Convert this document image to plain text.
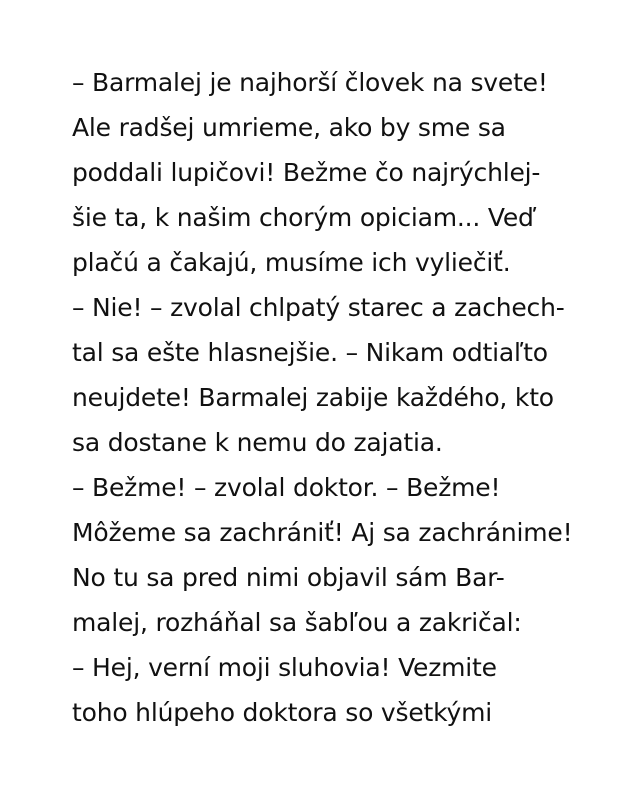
– Barmalej je najhorší človek na svete!
Ale radšej umrieme, ako by sme sa
poddali lupičovi! Bežme čo najrýchlej-
šie ta, k našim chorým opiciam... Veď
plačú a čakajú, musíme ich vyliečiť.
– Nie! – zvolal chlpatý starec a zachech-
tal sa ešte hlasnejšie. – Nikam odtiaľto
neujdete! Barmalej zabije každého, kto
sa dostane k nemu do zajatia.
– Bežme! – zvolal doktor. – Bežme!
Môžeme sa zachrániť! Aj sa zachránime!
No tu sa pred nimi objavil sám Bar-
malej, rozháňal sa šabľou a zakričal:
– Hej, verní moji sluhovia! Vezmite
toho hlúpeho doktora so všetkými
